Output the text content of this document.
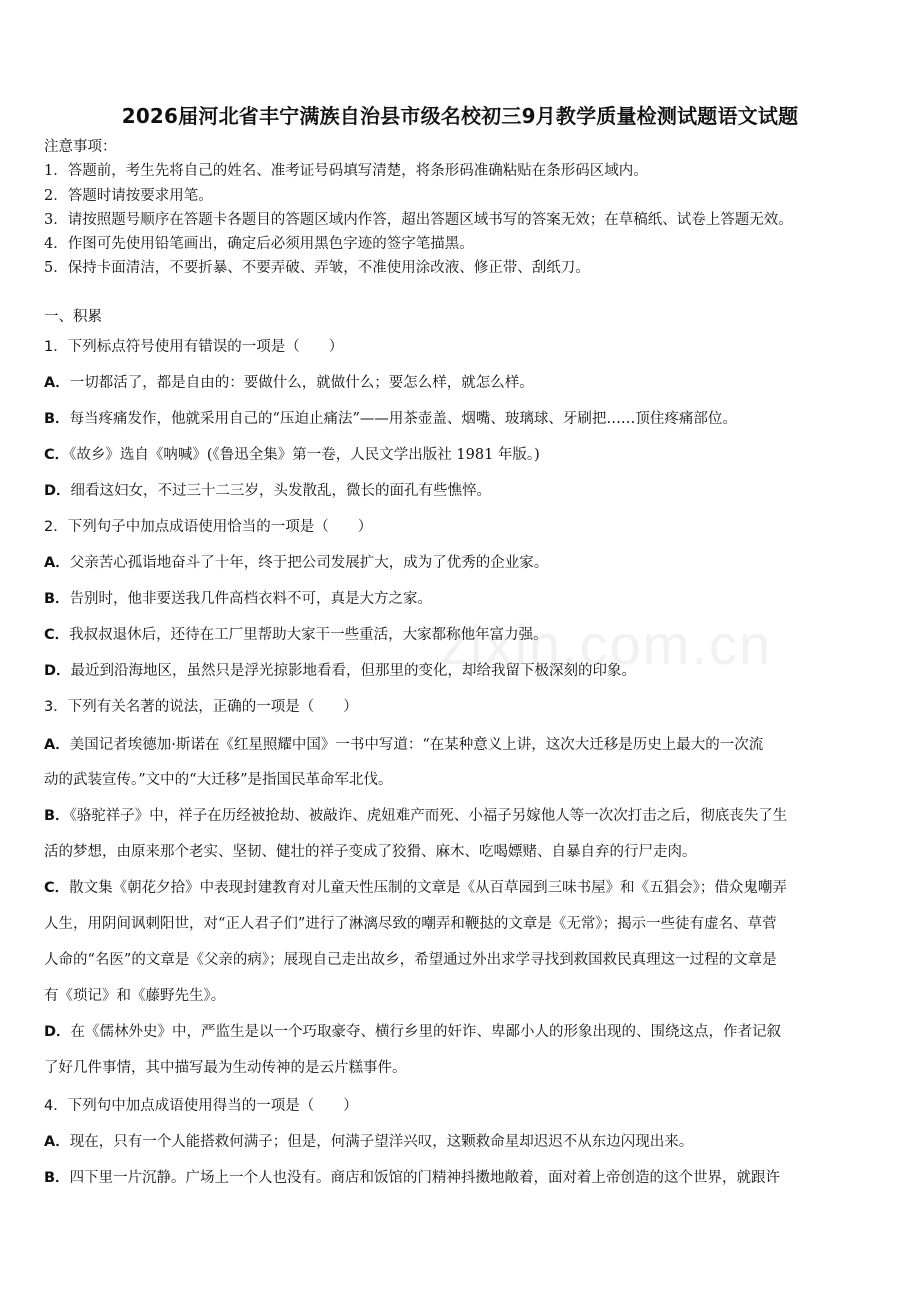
2026届河北省丰宁满族自治县市级名校初三9月教学质量检测试题语文试题
注意事项：
1．答题前，考生先将自己的姓名、准考证号码填写清楚，将条形码准确粘贴在条形码区域内。
2．答题时请按要求用笔。
3．请按照题号顺序在答题卡各题目的答题区域内作答，超出答题区域书写的答案无效；在草稿纸、试卷上答题无效。
4．作图可先使用铅笔画出，确定后必须用黑色字迹的签字笔描黑。
5．保持卡面清洁，不要折暴、不要弄破、弄皱，不准使用涂改液、修正带、刮纸刀。
一、积累
1．下列标点符号使用有错误的一项是（　　）
A．一切都活了，都是自由的：要做什么，就做什么；要怎么样，就怎么样。
B．每当疼痛发作，他就采用自己的“压迫止痛法”——用茶壶盖、烟嘴、玻璃球、牙刷把……顶住疼痛部位。
C．《故乡》选自《呐喊》(《鲁迅全集》第一卷，人民文学出版社 1981 年版。)
D．细看这妇女，不过三十二三岁，头发散乱，微长的面孔有些憔悴。
2．下列句子中加点成语使用恰当的一项是（　　）
A．父亲苦心孤诣地奋斗了十年，终于把公司发展扩大，成为了优秀的企业家。
B．告别时，他非要送我几件高档衣料不可，真是大方之家。
C．我叔叔退休后，还待在工厂里帮助大家干一些重活，大家都称他年富力强。
D．最近到沿海地区，虽然只是浮光掠影地看看，但那里的变化，却给我留下极深刻的印象。
3．下列有关名著的说法，正确的一项是（　　）
A．美国记者埃德加·斯诺在《红星照耀中国》一书中写道：“在某种意义上讲，这次大迁移是历史上最大的一次流
动的武装宣传。”文中的“大迁移”是指国民革命军北伐。
B．《骆驼祥子》中，祥子在历经被抢劫、被敲诈、虎妞难产而死、小福子另嫁他人等一次次打击之后，彻底丧失了生
活的梦想，由原来那个老实、坚韧、健壮的祥子变成了狡猾、麻木、吃喝嫖赌、自暴自弃的行尸走肉。
C．散文集《朝花夕拾》中表现封建教育对儿童天性压制的文章是《从百草园到三味书屋》和《五猖会》；借众鬼嘲弄
人生，用阴间讽刺阳世，对“正人君子们”进行了淋漓尽致的嘲弄和鞭挞的文章是《无常》；揭示一些徒有虚名、草菅
人命的“名医”的文章是《父亲的病》；展现自己走出故乡，希望通过外出求学寻找到救国救民真理这一过程的文章是
有《琐记》和《藤野先生》。
D．在《儒林外史》中，严监生是以一个巧取豪夺、横行乡里的奸诈、卑鄙小人的形象出现的、围绕这点，作者记叙
了好几件事情，其中描写最为生动传神的是云片糕事件。
4．下列句中加点成语使用得当的一项是（　　）
A．现在，只有一个人能搭救何满子；但是，何满子望洋兴叹，这颗救命星却迟迟不从东边闪现出来。
B．四下里一片沉静。广场上一个人也没有。商店和饭馆的门精神抖擞地敞着，面对着上帝创造的这个世界，就跟许
zixin.com.cn
